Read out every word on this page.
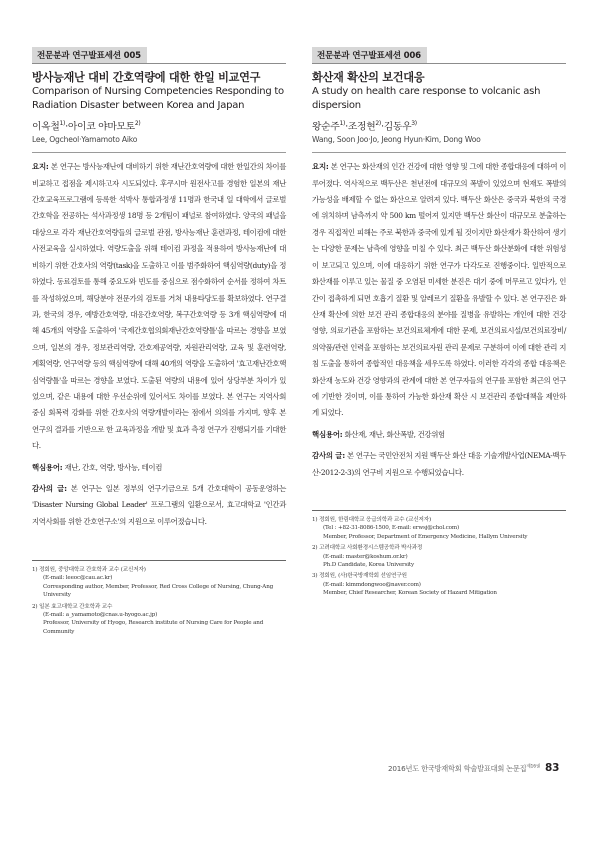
전문분과 연구발표세션 005
방사능재난 대비 간호역량에 대한 한일 비교연구
Comparison of Nursing Competencies Responding to Radiation Disaster between Korea and Japan
이옥철$^{1)}$·아이코 야마모토$^{2)}$
Lee, Ogcheol·Yamamoto Aiko

요지: 본 연구는 방사능재난에 대비하기 위한 재난간호역량에 대한 한일간의 차이를 비교하고 접점을 제시하고자 시도되었다. 후쿠시마 원전사고를 경험한 일본의 재난간호교육프로그램에 등록한 석박사 통합과정생 11명과 한국내 일 대학에서 글로벌간호학을 전공하는 석사과정생 18명 등 2개팀이 패널로 참여하였다. 양국의 패널을 대상으로 각각 재난간호역량들의 글로벌 관점, 방사능재난 훈련과정, 테이컴에 대한 사전교육을 실시하였다. 역량도출을 위해 테이컴 과정을 적용하여 방사능재난에 대비하기 위한 간호사의 역량(task)을 도출하고 이를 범주화하여 핵심역량(duty)을 정하였다. 동료검토를 통해 중요도와 빈도를 중심으로 점수화하여 순서를 정하여 차트를 작성하였으며, 해당분야 전문가의 검토를 거쳐 내용타당도를 확보하였다. 연구결과, 한국의 경우, 예방간호역량, 대응간호역량, 복구간호역량 등 3개 핵심역량에 대해 45개의 역량을 도출하여 '국제간호협의회재난간호역량틀'을 따르는 경향을 보였으며, 일본의 경우, 정보관리역량, 간호제공역량, 자원관리역량, 교육 및 훈련역량, 계획역량, 연구역량 등의 핵심역량에 대해 40개의 역량을 도출하여 '효고재난간호핵심역량틀'을 따르는 경향을 보였다. 도출된 역량의 내용에 있어 상당부분 차이가 있었으며, 같은 내용에 대한 우선순위에 있어서도 차이를 보였다. 본 연구는 지역사회 중심 회복력 강화를 위한 간호사의 역량개발이라는 점에서 의의를 가지며, 향후 본 연구의 결과를 기반으로 한 교육과정을 개발 및 효과 측정 연구가 진행되기를 기대한다.

핵심용어: 재난, 간호, 역량, 방사능, 테이컴

감사의 글: 본 연구는 일본 정부의 연구기금으로 5개 간호대학이 공동운영하는 'Disaster Nursing Global Leader' 프로그램의 일환으로서, 효고대학교 '인간과 지역사회를 위한 간호연구소'의 지원으로 이루어졌습니다.

1) 정회원, 중앙대학교 간호학과 교수 (교신저자)
(E-mail: leeoc@cau.ac.kr)
Corresponding author, Member, Professor, Red Cross College of Nursing, Chung-Ang University
2) 일본 효고대학교 간호학과 교수
(E-mail: a_yamamoto@cnas.u-hyogo.ac.jp)
Professor, University of Hyogo, Research institute of Nursing Care for People and Community
전문분과 연구발표세션 006
화산재 확산의 보건대응
A study on health care response to volcanic ash dispersion
왕순주$^{1)}$·조정현$^{2)}$·김동우$^{3)}$
Wang, Soon Joo·Jo, Jeong Hyun·Kim, Dong Woo

요지: 본 연구는 화산재의 인간 건강에 대한 영향 및 그에 대한 종합대응에 대하여 이루어졌다. 역사적으로 백두산은 천년전에 대규모의 폭발이 있었으며 현재도 폭발의 가능성을 배제할 수 없는 화산으로 알려져 있다. 백두산 화산은 중국과 북한의 국경에 위치하며 남측까지 약 500 km 떨어져 있지만 백두산 화산이 대규모로 분출하는 경우 직접적인 피해는 주로 북한과 중국에 있게 될 것이지만 화산재가 확산하여 생기는 다양한 문제는 남측에 영향을 미칠 수 있다. 최근 백두산 화산분화에 대한 위험성이 보고되고 있으며, 이에 대응하기 위한 연구가 다각도로 진행중이다. 일반적으로 화산재를 이루고 있는 물질 중 오염된 미세한 분진은 대기 중에 머무르고 있다가, 인간이 접촉하게 되면 호흡기 질환 및 알레르기 질환을 유발할 수 있다. 본 연구진은 화산재 확산에 의한 보건 관리 종합대응의 분야를 질병을 유발하는 개인에 대한 건강 영향, 의료기관을 포함하는 보건의료체계에 대한 문제, 보건의료시설/보건의료장비/의약품/관련 인력을 포함하는 보건의료자원 관리 문제로 구분하여 이에 대한 관리 지침 도출을 통하여 종합적인 대응책을 세우도록 하였다. 이러한 각각의 종합 대응책은 화산재 농도와 건강 영향과의 관계에 대한 본 연구자들의 연구를 포함한 최근의 연구에 기반한 것이며, 이를 통하여 가능한 화산재 확산 시 보건관리 종합대책을 제안하게 되었다.

핵심용어: 화산재, 재난, 화산폭발, 건강위험

감사의 글: 본 연구는 국민안전처 지원 백두산 화산 대응 기술개발사업(NEMA-백두산-2012-2-3)의 연구비 지원으로 수행되었습니다.

1) 정회원, 한림대학교 응급의학과 교수 (교신저자)
(Tel : +82-31-8086-1500, E-mail: erwsj@chol.com)
Member, Professor, Department of Emergency Medicine, Hallym University
2) 고려대학교 사회환경시스템공학과 박사과정
(E-mail: master@koshum.or.kr)
Ph.D Candidate, Korea University
3) 정회원, (사)한국방재학회 선임연구원
(E-mail: kimmdongwoo@naver.com)
Member, Chief Researcher, Korean Society of Hazard Mitigation
2016년도 한국방재학회 학술발표대회 논문집$^{제16권}$ 83
